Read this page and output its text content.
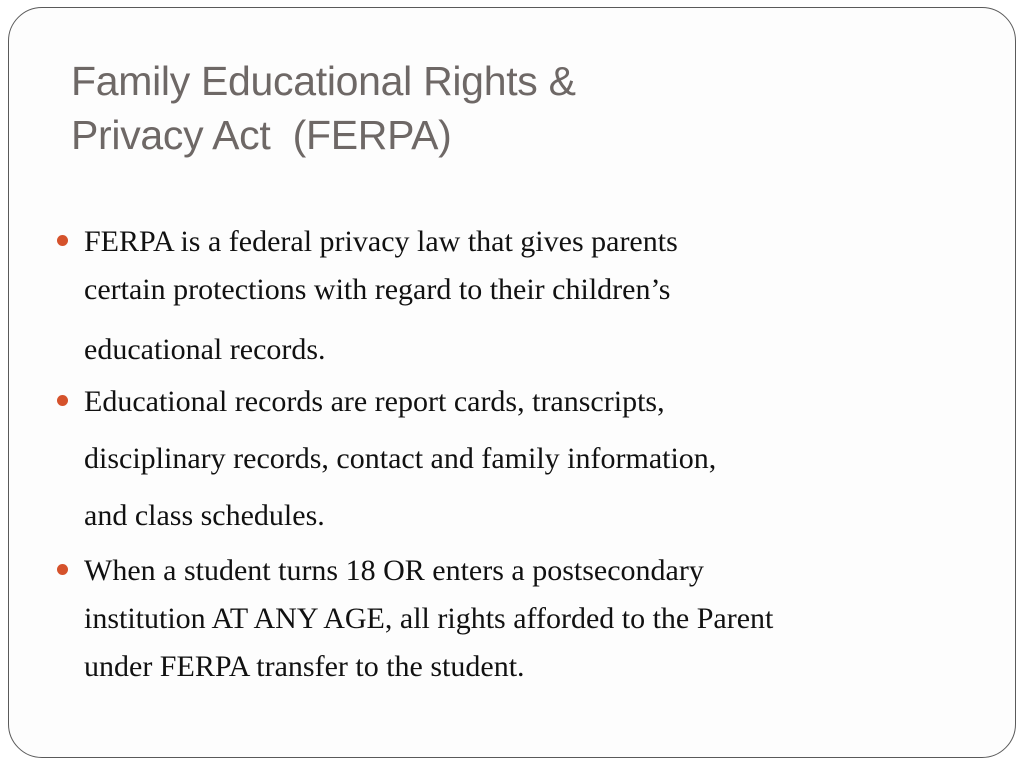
Family Educational Rights &
Privacy Act  (FERPA)
FERPA is a federal privacy law that gives parents
certain protections with regard to their children’s
educational records.
Educational records are report cards, transcripts,
disciplinary records, contact and family information,
and class schedules.
When a student turns 18 OR enters a postsecondary
institution AT ANY AGE, all rights afforded to the Parent
under FERPA transfer to the student.
